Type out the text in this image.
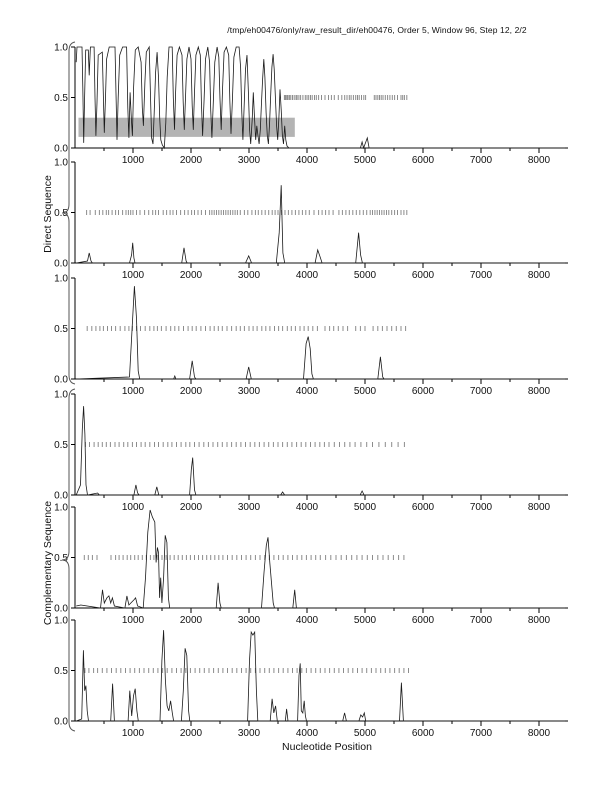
/tmp/eh00476/only/raw_result_dir/eh00476, Order 5, Window 96, Step 12, 2/2
Direct Sequence
Complementary Sequence
0.0
0.5
1.0
1000	2000	3000	4000	5000	6000	7000	8000
0.0
0.5
1.0
1000	2000	3000	4000	5000	6000	7000	8000
0.0
0.5
1.0
1000	2000	3000	4000	5000	6000	7000	8000
0.0
0.5
1.0
1000	2000	3000	4000	5000	6000	7000	8000
0.0
0.5
1.0
1000	2000	3000	4000	5000	6000	7000	8000
0.0
0.5
1.0
1000	2000	3000	4000	5000	6000	7000	8000
Nucleotide Position
